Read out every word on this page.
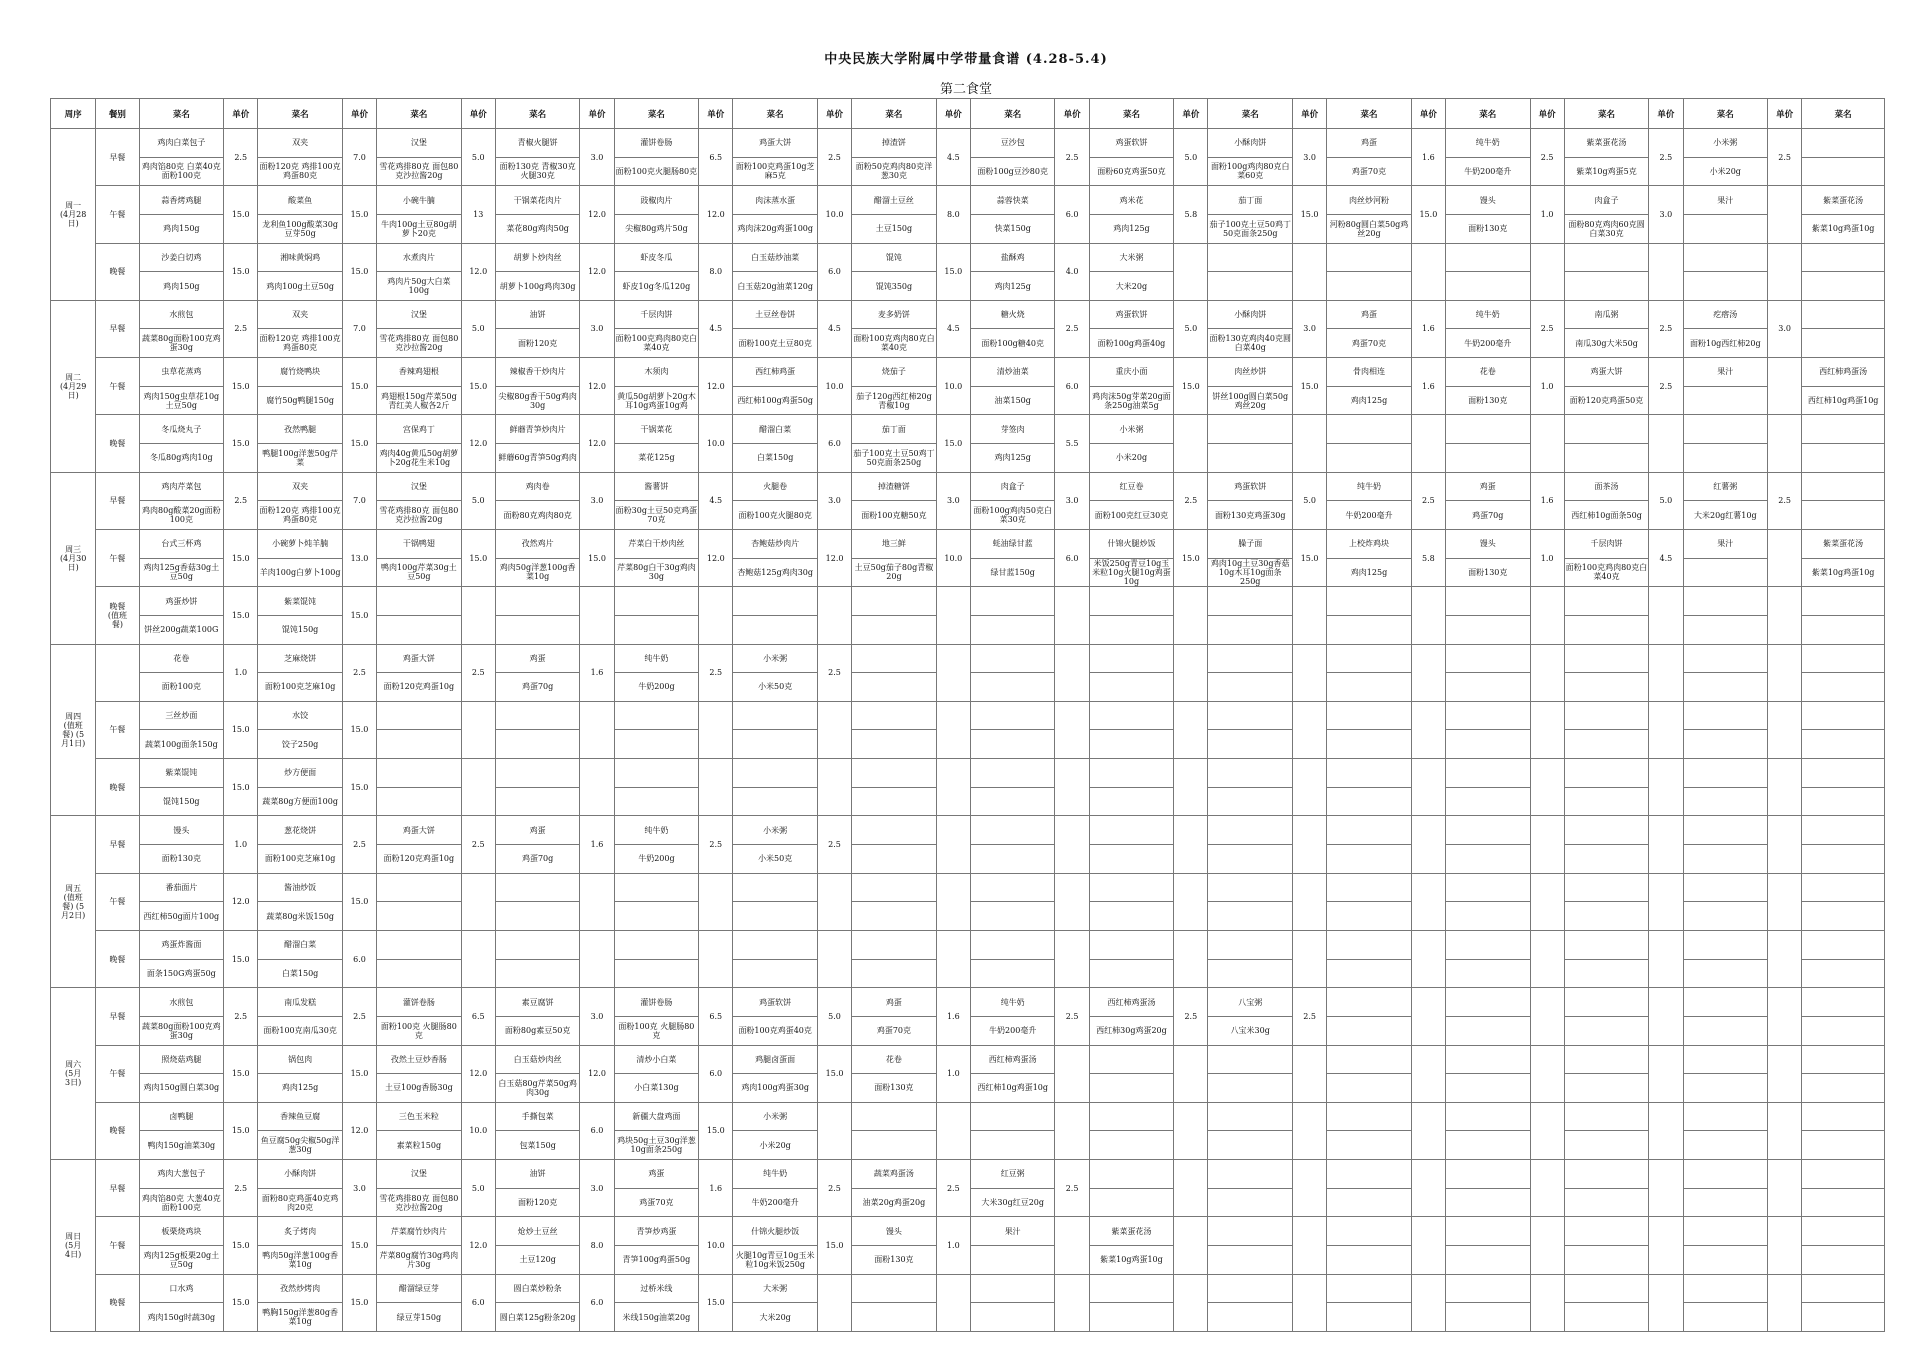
中央民族大学附属中学带量食谱 (4.28-5.4)
第二食堂
周序	餐别	菜名	单价	菜名	单价	菜名	单价	菜名	单价	菜名	单价	菜名	单价	菜名	单价	菜名	单价	菜名	单价	菜名	单价	菜名	单价	菜名	单价	菜名	单价	菜名	单价	菜名
周一
(4月28
日)	早餐	鸡肉白菜包子	2.5	双夹	7.0	汉堡	5.0	青椒火腿饼	3.0	灌饼卷肠	6.5	鸡蛋大饼	2.5	掉渣饼	4.5	豆沙包	2.5	鸡蛋软饼	5.0	小酥肉饼	3.0	鸡蛋	1.6	纯牛奶	2.5	紫菜蛋花汤	2.5	小米粥	2.5	
		鸡肉馅80克 白菜40克 面粉100克		面粉120克 鸡排100克 鸡蛋80克		雪花鸡排80克 面包80克沙拉酱20g		面粉130克 青椒30克火腿30克		面粉100克火腿肠80克		面粉100克鸡蛋10g芝麻5克		面粉50克鸡肉80克洋葱30克		面粉100g豆沙80克		面粉60克鸡蛋50克		面粉100g鸡肉80克白菜60克		鸡蛋70克		牛奶200毫升		紫菜10g鸡蛋5克		小米20g		
	午餐	蒜香烤鸡腿	15.0	酸菜鱼	15.0	小碗牛腩	13	干锅菜花肉片	12.0	豉椒肉片	12.0	肉沫蒸水蛋	10.0	醋溜土豆丝	8.0	蒜蓉快菜	6.0	鸡米花	5.8	茄丁面	15.0	肉丝炒河粉	15.0	馒头	1.0	肉盒子	3.0	果汁		紫菜蛋花汤
		鸡肉150g		龙利鱼100g酸菜30g豆芽50g		牛肉100g土豆80g胡萝卜20克		菜花80g鸡肉50g		尖椒80g鸡片50g		鸡肉沫20g鸡蛋100g		土豆150g		快菜150g		鸡肉125g		茄子100克土豆50鸡丁50克面条250g		河粉80g圆白菜50g鸡丝20g		面粉130克		面粉80克鸡肉60克圆白菜30克				紫菜10g鸡蛋10g
	晚餐	沙姜白切鸡	15.0	湘味黄焖鸡	15.0	水煮肉片	12.0	胡萝卜炒肉丝	12.0	虾皮冬瓜	8.0	白玉菇炒油菜	6.0	馄饨	15.0	盐酥鸡	4.0	大米粥												
		鸡肉150g		鸡肉100g土豆50g		鸡肉片50g大白菜100g		胡萝卜100g鸡肉30g		虾皮10g冬瓜120g		白玉菇20g油菜120g		馄饨350g		鸡肉125g		大米20g												
周二
(4月29
日)	早餐	水煎包	2.5	双夹	7.0	汉堡	5.0	油饼	3.0	千层肉饼	4.5	土豆丝卷饼	4.5	麦多奶饼	4.5	糖火烧	2.5	鸡蛋软饼	5.0	小酥肉饼	3.0	鸡蛋	1.6	纯牛奶	2.5	南瓜粥	2.5	疙瘩汤	3.0	
		蔬菜80g面粉100克鸡蛋30g		面粉120克 鸡排100克 鸡蛋80克		雪花鸡排80克 面包80克沙拉酱20g		面粉120克		面粉100克鸡肉80克白菜40克		面粉100克土豆80克		面粉100克鸡肉80克白菜40克		面粉100g糖40克		面粉100g鸡蛋40g		面粉130克鸡肉40克圆白菜40g		鸡蛋70克		牛奶200毫升		南瓜30g大米50g		面粉10g西红柿20g		
	午餐	虫草花蒸鸡	15.0	腐竹烧鸭块	15.0	香辣鸡翅根	15.0	辣椒香干炒肉片	12.0	木须肉	12.0	西红柿鸡蛋	10.0	烧茄子	10.0	清炒油菜	6.0	重庆小面	15.0	肉丝炒饼	15.0	骨肉相连	1.6	花卷	1.0	鸡蛋大饼	2.5	果汁		西红柿鸡蛋汤
		鸡肉150g虫草花10g土豆50g		腐竹50g鸭腿150g		鸡翅根150g芹菜50g青红美人椒各2斤		尖椒80g香干50g鸡肉30g		黄瓜50g胡萝卜20g木耳10g鸡蛋10g鸡		西红柿100g鸡蛋50g		茄子120g西红柿20g青椒10g		油菜150g		鸡肉沫50g芽菜20g面条250g油菜5g		饼丝100g圆白菜50g鸡丝20g		鸡肉125g		面粉130克		面粉120克鸡蛋50克				西红柿10g鸡蛋10g
	晚餐	冬瓜烧丸子	15.0	孜然鸭腿	15.0	宫保鸡丁	12.0	鲜蘑青笋炒肉片	12.0	干锅菜花	10.0	醋溜白菜	6.0	茄丁面	15.0	芽签肉	5.5	小米粥												
		冬瓜80g鸡肉10g		鸭腿100g洋葱50g芹菜		鸡肉40g黄瓜50g胡萝卜20g花生米10g		鲜蘑60g青笋50g鸡肉		菜花125g		白菜150g		茄子100克土豆50鸡丁50克面条250g		鸡肉125g		小米20g												
周三
(4月30
日)	早餐	鸡肉芹菜包	2.5	双夹	7.0	汉堡	5.0	鸡肉卷	3.0	酱薯饼	4.5	火腿卷	3.0	掉渣糖饼	3.0	肉盒子	3.0	红豆卷	2.5	鸡蛋软饼	5.0	纯牛奶	2.5	鸡蛋	1.6	面茶汤	5.0	红薯粥	2.5	
		鸡肉80g酸菜20g面粉100克		面粉120克 鸡排100克 鸡蛋80克		雪花鸡排80克 面包80克沙拉酱20g		面粉80克鸡肉80克		面粉30g土豆50克鸡蛋70克		面粉100克火腿80克		面粉100克糖50克		面粉100g鸡肉50克白菜30克		面粉100克红豆30克		面粉130克鸡蛋30g		牛奶200毫升		鸡蛋70g		西红柿10g面条50g		大米20g红薯10g		
	午餐	台式三杯鸡	15.0	小碗萝卜炖羊腩	13.0	干锅鸭翅	15.0	孜然鸡片	15.0	芹菜白干炒肉丝	12.0	杏鲍菇炒肉片	12.0	地三鲜	10.0	蚝油绿甘蓝	6.0	什锦火腿炒饭	15.0	臊子面	15.0	上校炸鸡块	5.8	馒头	1.0	千层肉饼	4.5	果汁		紫菜蛋花汤
		鸡肉125g香菇30g土豆50g		羊肉100g白萝卜100g		鸭肉100g芹菜30g土豆50g		鸡肉50g洋葱100g香菜10g		芹菜80g白干30g鸡肉30g		杏鲍菇125g鸡肉30g		土豆50g茄子80g青椒20g		绿甘蓝150g		米饭250g青豆10g玉米粒10g火腿10g鸡蛋10g		鸡肉10g土豆30g香菇10g木耳10g面条250g		鸡肉125g		面粉130克		面粉100克鸡肉80克白菜40克				紫菜10g鸡蛋10g
	晚餐
(值班
餐)	鸡蛋炒饼	15.0	紫菜馄饨	15.0																									
		饼丝200g蔬菜100G		馄饨150g																										
周四
(值班
餐) (5
月1日)		花卷	1.0	芝麻烧饼	2.5	鸡蛋大饼	2.5	鸡蛋	1.6	纯牛奶	2.5	小米粥	2.5																	
		面粉100克		面粉100克芝麻10g		面粉120克鸡蛋10g		鸡蛋70g		牛奶200g		小米50克																		
	午餐	三丝炒面	15.0	水饺	15.0																									
		蔬菜100g面条150g		饺子250g																										
	晚餐	紫菜馄饨	15.0	炒方便面	15.0																									
		馄饨150g		蔬菜80g方便面100g																										
周五
(值班
餐) (5
月2日)	早餐	馒头	1.0	葱花烧饼	2.5	鸡蛋大饼	2.5	鸡蛋	1.6	纯牛奶	2.5	小米粥	2.5																	
		面粉130克		面粉100克芝麻10g		面粉120克鸡蛋10g		鸡蛋70g		牛奶200g		小米50克																		
	午餐	番茄面片	12.0	酱油炒饭	15.0																									
		西红柿50g面片100g		蔬菜80g米饭150g																										
	晚餐	鸡蛋炸酱面	15.0	醋溜白菜	6.0																									
		面条150G鸡蛋50g		白菜150g																										
周六
(5月
3日)	早餐	水煎包	2.5	南瓜发糕	2.5	灌饼卷肠	6.5	素豆腐饼	3.0	灌饼卷肠	6.5	鸡蛋软饼	5.0	鸡蛋	1.6	纯牛奶	2.5	西红柿鸡蛋汤	2.5	八宝粥	2.5									
		蔬菜80g面粉100克鸡蛋30g		面粉100克南瓜30克		面粉100克 火腿肠80克		面粉80g素豆50克		面粉100克 火腿肠80克		面粉100克鸡蛋40克		鸡蛋70克		牛奶200毫升		西红柿30g鸡蛋20g		八宝米30g										
	午餐	照烧菇鸡腿	15.0	锅包肉	15.0	孜然土豆炒香肠	12.0	白玉菇炒肉丝	12.0	清炒小白菜	6.0	鸡腿卤蛋面	15.0	花卷	1.0	西红柿鸡蛋汤														
		鸡肉150g圆白菜30g		鸡肉125g		土豆100g香肠30g		白玉菇80g芹菜50g鸡肉30g		小白菜130g		鸡肉100g鸡蛋30g		面粉130克		西红柿10g鸡蛋10g														
	晚餐	卤鸭腿	15.0	香辣鱼豆腐	12.0	三色玉米粒	10.0	手撕包菜	6.0	新疆大盘鸡面	15.0	小米粥																		
		鸭肉150g油菜30g		鱼豆腐50g尖椒50g洋葱30g		素菜粒150g		包菜150g		鸡块50g土豆30g洋葱10g面条250g		小米20g																		
周日
(5月
4日)	早餐	鸡肉大葱包子	2.5	小酥肉饼	3.0	汉堡	5.0	油饼	3.0	鸡蛋	1.6	纯牛奶	2.5	蔬菜鸡蛋汤	2.5	红豆粥	2.5													
		鸡肉馅80克 大葱40克 面粉100克		面粉80克鸡蛋40克鸡肉20克		雪花鸡排80克 面包80克沙拉酱20g		面粉120克		鸡蛋70克		牛奶200毫升		油菜20g鸡蛋20g		大米30g红豆20g														
	午餐	板栗烧鸡块	15.0	炙子烤肉	15.0	芹菜腐竹炒肉片	12.0	炝炒土豆丝	8.0	青笋炒鸡蛋	10.0	什锦火腿炒饭	15.0	馒头	1.0	果汁		紫菜蛋花汤												
		鸡肉125g板栗20g土豆50g		鸭肉50g洋葱100g香菜10g		芹菜80g腐竹30g鸡肉片30g		土豆120g		青笋100g鸡蛋50g		火腿10g青豆10g玉米粒10g米饭250g		面粉130克				紫菜10g鸡蛋10g												
	晚餐	口水鸡	15.0	孜然炒烤肉	15.0	醋溜绿豆芽	6.0	圆白菜炒粉条	6.0	过桥米线	15.0	大米粥																		
		鸡肉150g时蔬30g		鸭胸150g洋葱80g香菜10g		绿豆芽150g		圆白菜125g粉条20g		米线150g油菜20g		大米20g																		
